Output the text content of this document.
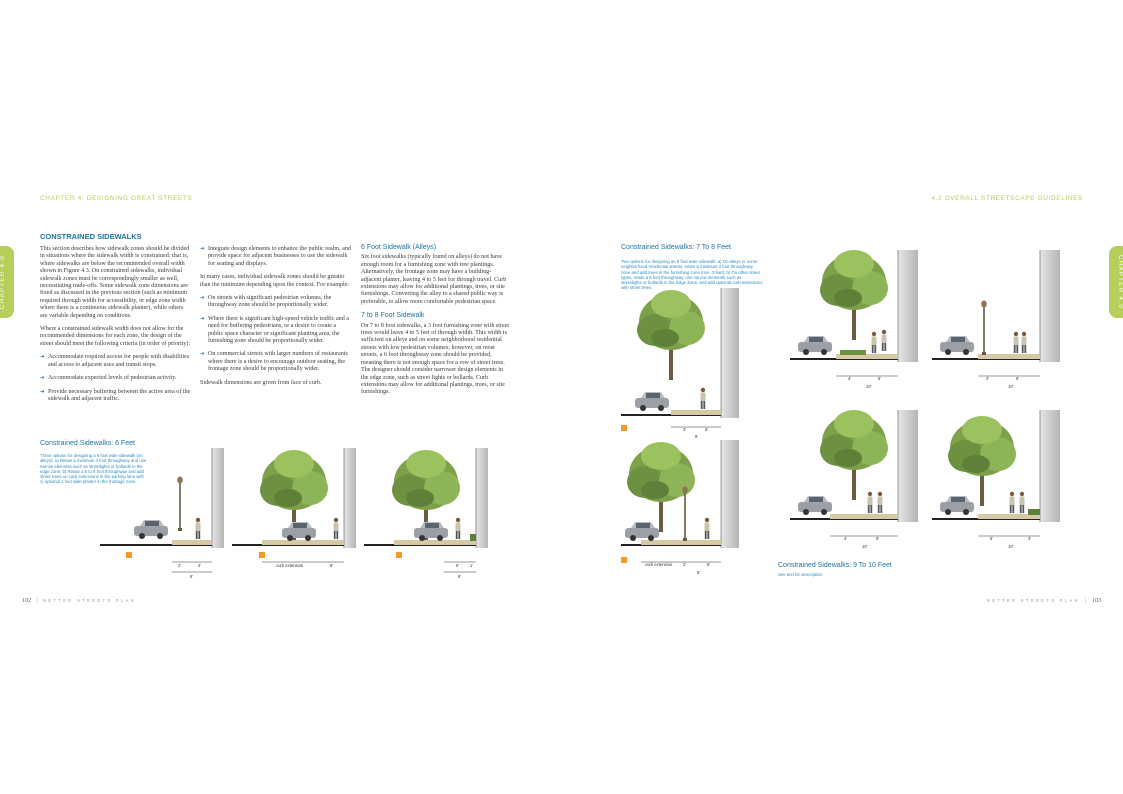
CHAPTER 4: DESIGNING GREAT STREETS	4.2 OVERALL STREETSCAPE GUIDELINES
CHAPTER 4.0	CHAPTER 4.0
CONSTRAINED SIDEWALKS

This section describes how sidewalk zones should be divided in situations where the sidewalk width is constrained: that is, where sidewalks are below the recommended overall width shown in Figure 4.3. On constrained sidewalks, individual sidewalk zones must be correspondingly smaller as well, necessitating trade-offs. Some sidewalk zone dimensions are fixed as discussed in the previous section (such as minimum required through width for accessibility, or edge zone width where there is a continuous sidewalk planter), while others are variable depending on conditions.

Where a constrained sidewalk width does not allow for the recommended dimensions for each zone, the design of the street should meet the following criteria (in order of priority):

➔ Accommodate required access for people with disabilities and access to adjacent uses and transit stops.
➔ Accommodate expected levels of pedestrian activity.
➔ Provide necessary buffering between the active area of the sidewalk and adjacent traffic.
➔ Integrate design elements to enhance the public realm, and provide space for adjacent businesses to use the sidewalk for seating and displays.

In many cases, individual sidewalk zones should be greater than the minimum depending upon the context. For example:

➔ On streets with significant pedestrian volumes, the throughway zone should be proportionally wider.
➔ Where there is significant high-speed vehicle traffic and a need for buffering pedestrians, or a desire to create a public space character or significant planting area, the furnishing zone should be proportionally wider.
➔ On commercial streets with larger numbers of restaurants where there is a desire to encourage outdoor seating, the frontage zone should be proportionally wider.

Sidewalk dimensions are given from face of curb.

6 Foot Sidewalk (Alleys)

Six foot sidewalks (typically found on alleys) do not have enough room for a furnishing zone with tree plantings. Alternatively, the frontage zone may have a building-adjacent planter, leaving 4 to 5 feet for through travel. Curb extensions may allow for additional plantings, trees, or site furnishings. Converting the alley to a shared public way is preferable, to allow more comfortable pedestrian space.

7 to 8 Foot Sidewalk

On 7 to 8 foot sidewalks, a 3 foot furnishing zone with street trees would leave 4 to 5 feet of through width. This width is sufficient on alleys and on some neighborhood residential streets with low pedestrian volumes; however, on most streets, a 6 foot throughway zone should be provided, meaning there is not enough space for a row of street trees. The designer should consider narrower design elements in the edge zone, such as street lights or bollards. Curb extensions may allow for additional plantings, trees, or site furnishings.

Constrained Sidewalks: 6 Feet
Three options for designing a 6 foot wide sidewalk (on alleys): a) Retain a minimum 4 foot throughway and use narrow elements such as streetlights or bollards in the edge zone; b) Retain a 5 to 6 foot throughway and add street trees on curb extensions in the parking lane with c) optional 1 foot wide planter in the frontage zone.
2'	4'
6'
curb extension	6'	1'
5'
6'
Constrained Sidewalks: 7 To 8 Feet
Two options for designing an 8 foot wide sidewalk: a) On alleys or some neighborhood residential streets, retain a minimum 4 foot throughway zone and add trees in the furnishing zone (min. 3 feet); b) On other street types, retain a 6 foot throughway, use narrow elements such as streetlights or bollards in the Edge Zone, and add optional curb extensions with street trees.
3'	5'
8'
curb extension	2'	6'
8'
4'	6'
10'
3'	6'
10'
4'	6'
10'
6'	3'
10'
Constrained Sidewalks: 9 To 10 Feet
See text for description.
102 | BETTER STREETS PLAN	BETTER STREETS PLAN | 103
